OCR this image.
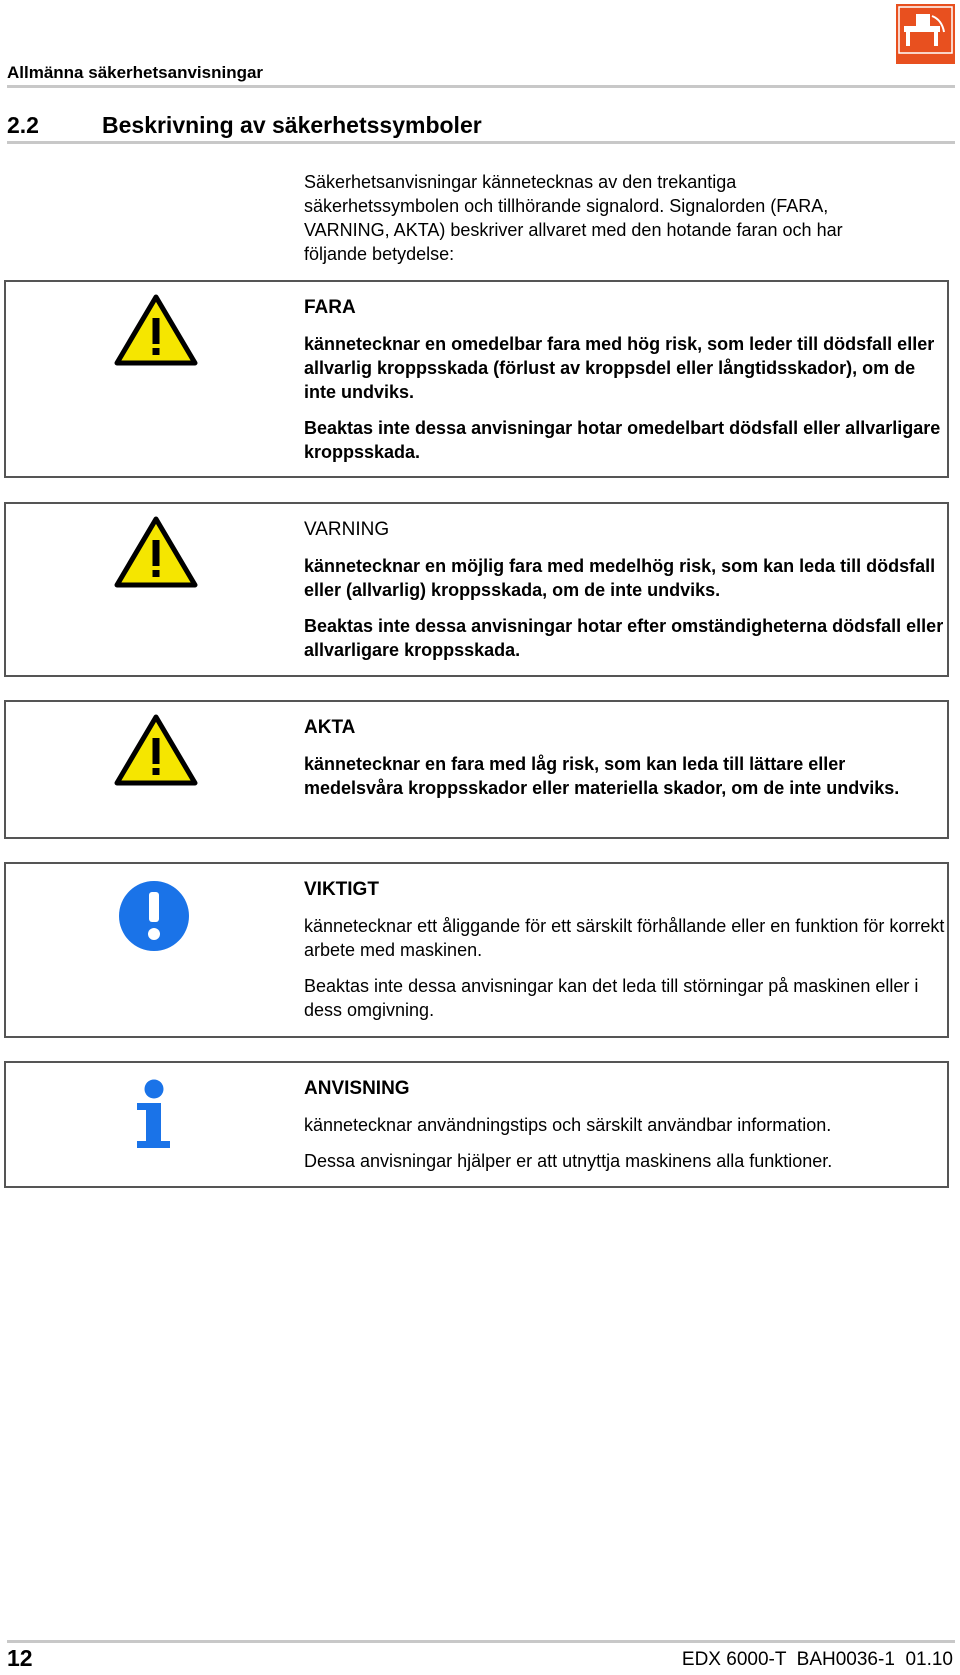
Allmänna säkerhetsanvisningar
2.2	Beskrivning av säkerhetssymboler
Säkerhetsanvisningar kännetecknas av den trekantiga
säkerhetssymbolen och tillhörande signalord. Signalorden (FARA,
VARNING, AKTA) beskriver allvaret med den hotande faran och har
följande betydelse:
FARA
kännetecknar en omedelbar fara med hög risk, som leder till dödsfall eller allvarlig kroppsskada (förlust av kroppsdel eller långtidsskador), om de inte undviks.
Beaktas inte dessa anvisningar hotar omedelbart dödsfall eller allvarligare kroppsskada.
VARNING
kännetecknar en möjlig fara med medelhög risk, som kan leda till dödsfall eller (allvarlig) kroppsskada, om de inte undviks.
Beaktas inte dessa anvisningar hotar efter omständigheterna dödsfall eller allvarligare kroppsskada.
AKTA
kännetecknar en fara med låg risk, som kan leda till lättare eller medelsvåra kroppsskador eller materiella skador, om de inte undviks.
VIKTIGT
kännetecknar ett åliggande för ett särskilt förhållande eller en funktion för korrekt arbete med maskinen.
Beaktas inte dessa anvisningar kan det leda till störningar på maskinen eller i dess omgivning.
ANVISNING
kännetecknar användningstips och särskilt användbar information.
Dessa anvisningar hjälper er att utnyttja maskinens alla funktioner.
12	EDX 6000-T  BAH0036-1  01.10
